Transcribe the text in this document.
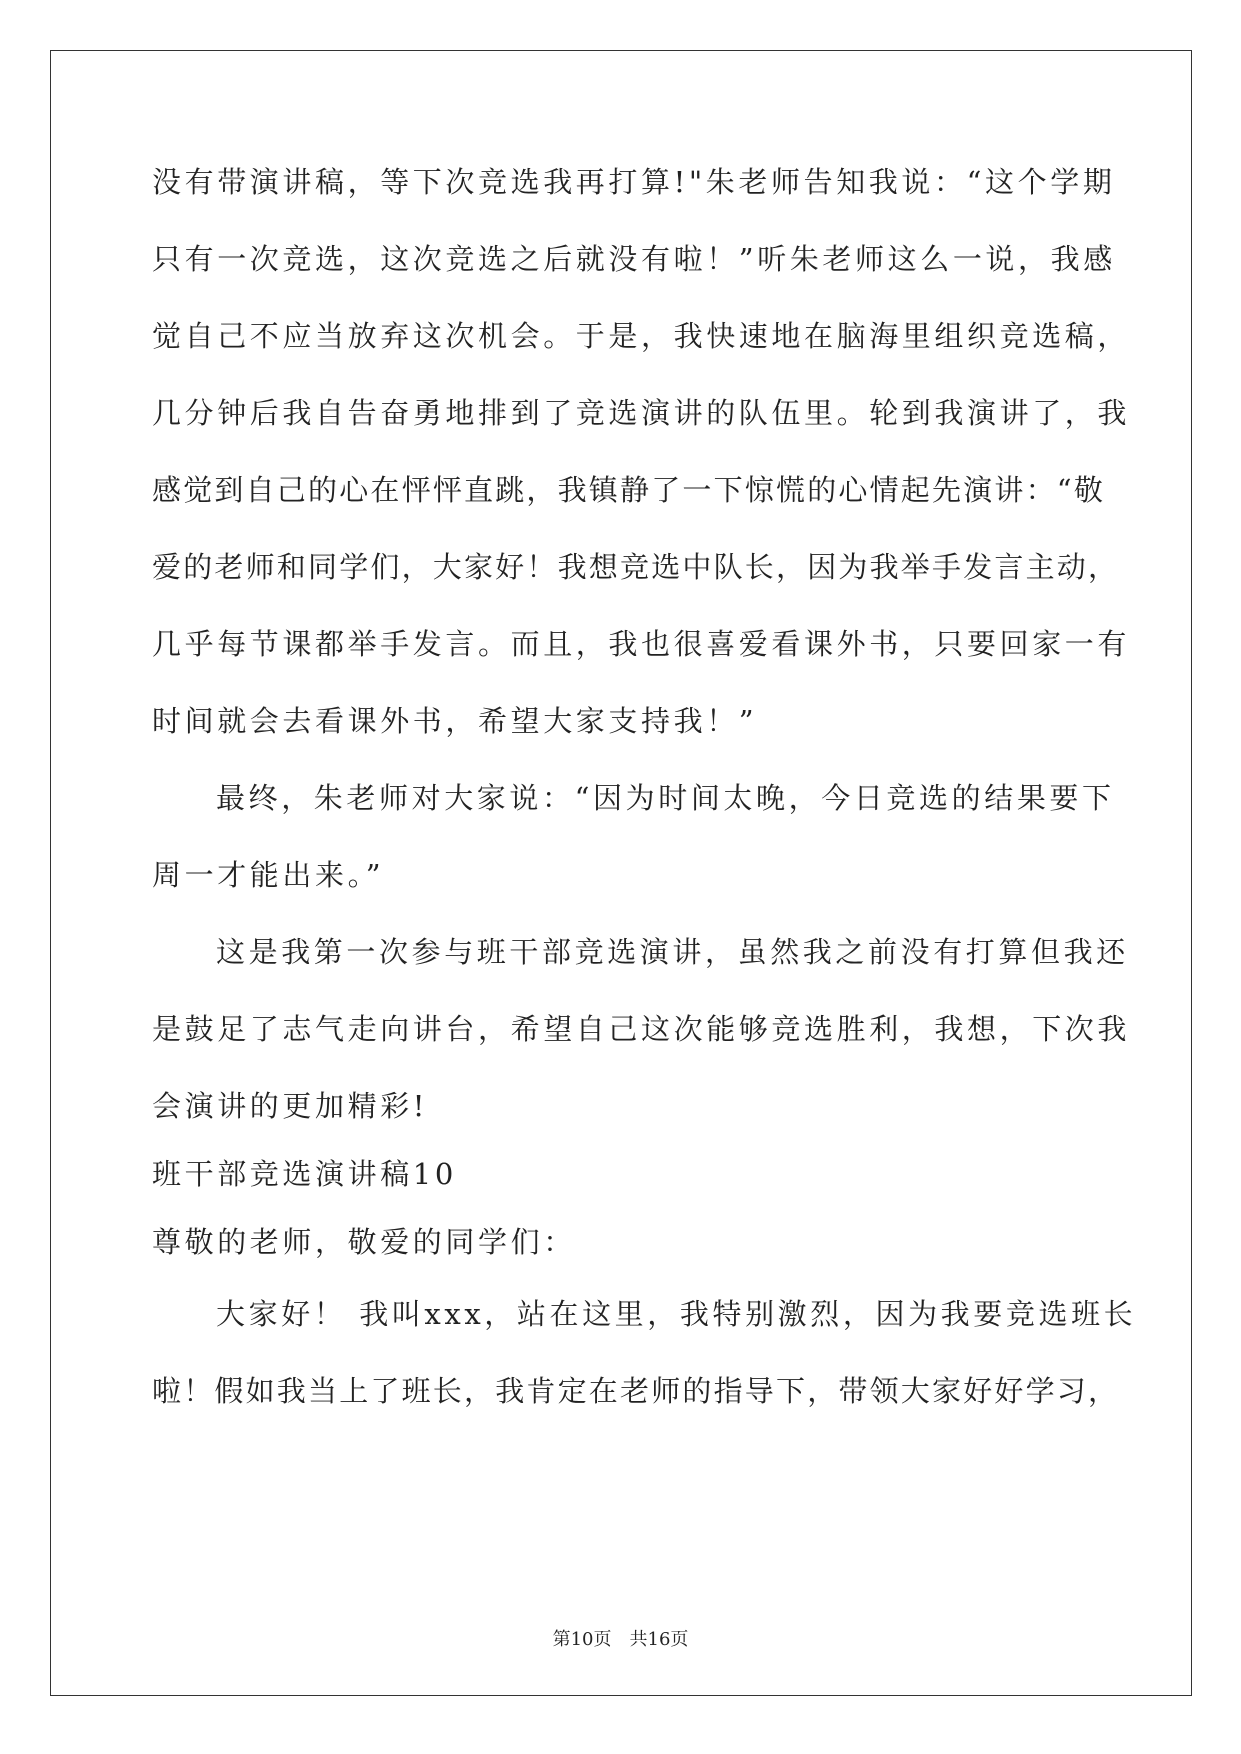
没有带演讲稿，等下次竞选我再打算!"朱老师告知我说：“这个学期
只有一次竞选，这次竞选之后就没有啦！”听朱老师这么一说，我感
觉自己不应当放弃这次机会。于是，我快速地在脑海里组织竞选稿，
几分钟后我自告奋勇地排到了竞选演讲的队伍里。轮到我演讲了，我
感觉到自己的心在怦怦直跳，我镇静了一下惊慌的心情起先演讲：“敬
爱的老师和同学们，大家好！我想竞选中队长，因为我举手发言主动，
几乎每节课都举手发言。而且，我也很喜爱看课外书，只要回家一有
时间就会去看课外书，希望大家支持我！”
最终，朱老师对大家说：“因为时间太晚，今日竞选的结果要下
周一才能出来。”
这是我第一次参与班干部竞选演讲，虽然我之前没有打算但我还
是鼓足了志气走向讲台，希望自己这次能够竞选胜利，我想，下次我
会演讲的更加精彩!
班干部竞选演讲稿10
尊敬的老师，敬爱的同学们：
大家好！ 我叫xxx，站在这里，我特别激烈，因为我要竞选班长
啦！假如我当上了班长，我肯定在老师的指导下，带领大家好好学习，
第10页　共16页
